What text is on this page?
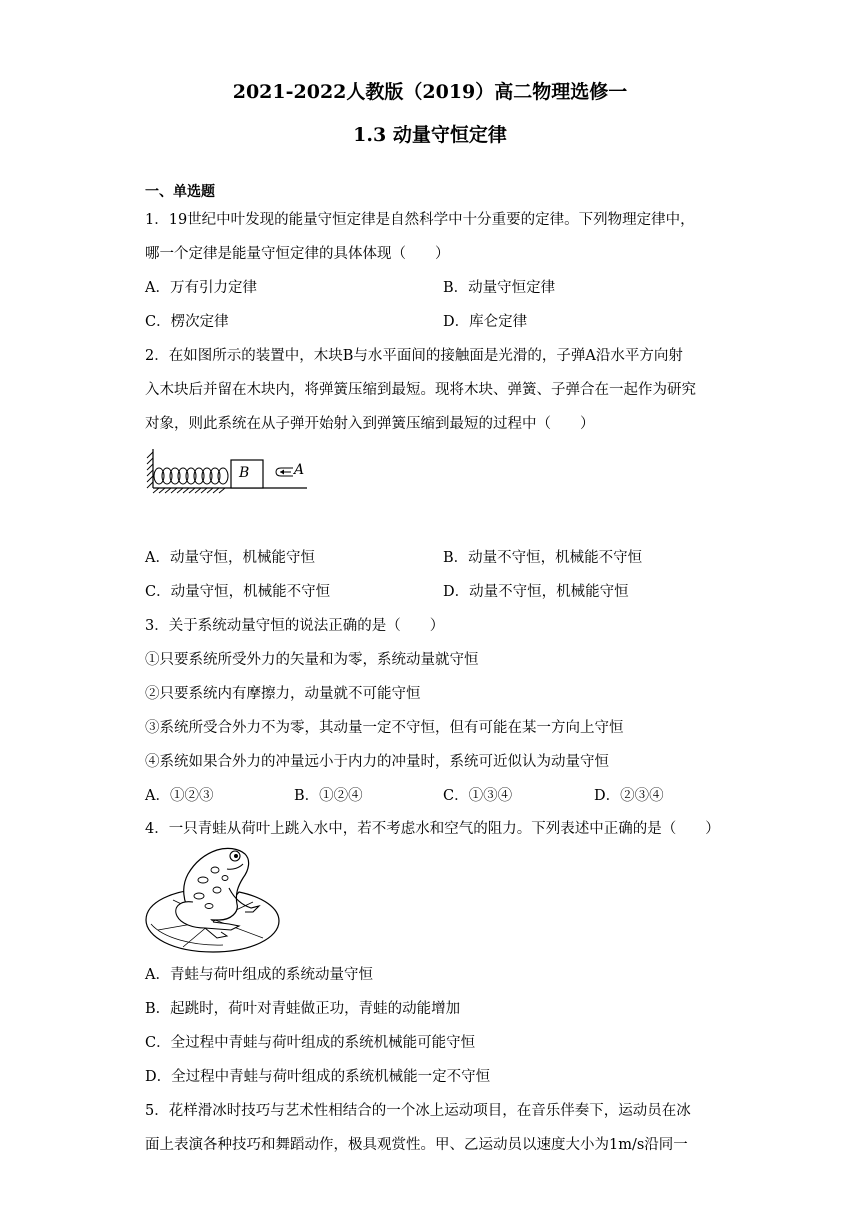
2021-2022人教版（2019）高二物理选修一
1.3 动量守恒定律
一、单选题
1．19世纪中叶发现的能量守恒定律是自然科学中十分重要的定律。下列物理定律中，
哪一个定律是能量守恒定律的具体体现（　　）
A．万有引力定律	B．动量守恒定律
C．楞次定律	D．库仑定律
2．在如图所示的装置中，木块B与水平面间的接触面是光滑的，子弹A沿水平方向射
入木块后并留在木块内，将弹簧压缩到最短。现将木块、弹簧、子弹合在一起作为研究
对象，则此系统在从子弹开始射入到弹簧压缩到最短的过程中（　　）
B	A
A．动量守恒，机械能守恒	B．动量不守恒，机械能不守恒
C．动量守恒，机械能不守恒	D．动量不守恒，机械能守恒
3．关于系统动量守恒的说法正确的是（　　）
①只要系统所受外力的矢量和为零，系统动量就守恒
②只要系统内有摩擦力，动量就不可能守恒
③系统所受合外力不为零，其动量一定不守恒，但有可能在某一方向上守恒
④系统如果合外力的冲量远小于内力的冲量时，系统可近似认为动量守恒
A．①②③	B．①②④	C．①③④	D．②③④
4．一只青蛙从荷叶上跳入水中，若不考虑水和空气的阻力。下列表述中正确的是（　　）
A．青蛙与荷叶组成的系统动量守恒
B．起跳时，荷叶对青蛙做正功，青蛙的动能增加
C．全过程中青蛙与荷叶组成的系统机械能可能守恒
D．全过程中青蛙与荷叶组成的系统机械能一定不守恒
5．花样滑冰时技巧与艺术性相结合的一个冰上运动项目，在音乐伴奏下，运动员在冰
面上表演各种技巧和舞蹈动作，极具观赏性。甲、乙运动员以速度大小为1m/s沿同一
